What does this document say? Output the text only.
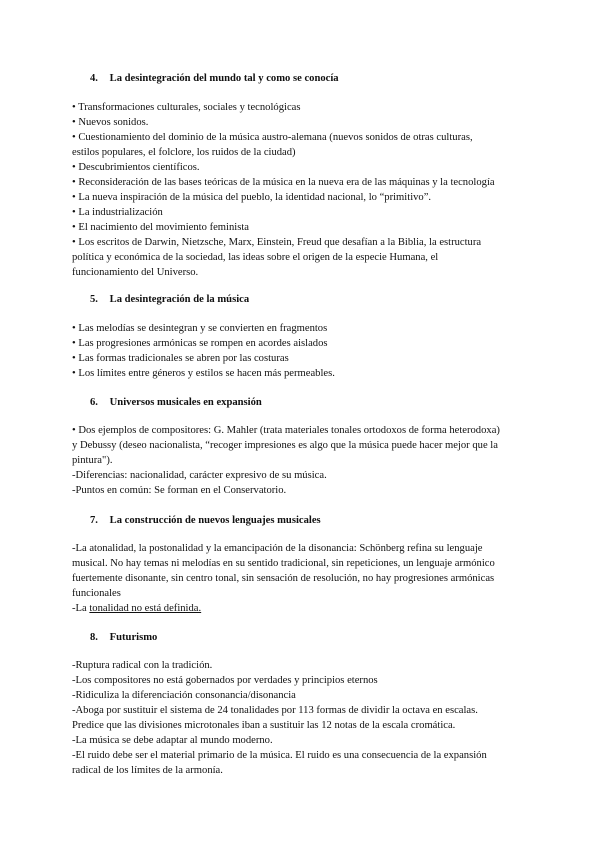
4. La desintegración del mundo tal y como se conocía
• Transformaciones culturales, sociales y tecnológicas
• Nuevos sonidos.
• Cuestionamiento del dominio de la música austro-alemana (nuevos sonidos de otras culturas,
estilos populares, el folclore, los ruidos de la ciudad)
• Descubrimientos científicos.
• Reconsideración de las bases teóricas de la música en la nueva era de las máquinas y la tecnología
• La nueva inspiración de la música del pueblo, la identidad nacional, lo “primitivo”.
• La industrialización
• El nacimiento del movimiento feminista
• Los escritos de Darwin, Nietzsche, Marx, Einstein, Freud que desafían a la Biblia, la estructura
política y económica de la sociedad, las ideas sobre el origen de la especie Humana, el
funcionamiento del Universo.
5. La desintegración de la música
• Las melodías se desintegran y se convierten en fragmentos
• Las progresiones armónicas se rompen en acordes aislados
• Las formas tradicionales se abren por las costuras
• Los límites entre géneros y estilos se hacen más permeables.
6. Universos musicales en expansión
• Dos ejemplos de compositores: G. Mahler (trata materiales tonales ortodoxos de forma heterodoxa)
y Debussy (deseo nacionalista, “recoger impresiones es algo que la música puede hacer mejor que la
pintura").
-Diferencias: nacionalidad, carácter expresivo de su música.
-Puntos en común: Se forman en el Conservatorio.
7. La construcción de nuevos lenguajes musicales
-La atonalidad, la postonalidad y la emancipación de la disonancia: Schönberg refina su lenguaje
musical. No hay temas ni melodías en su sentido tradicional, sin repeticiones, un lenguaje armónico
fuertemente disonante, sin centro tonal, sin sensación de resolución, no hay progresiones armónicas
funcionales
-La tonalidad no está definida.
8. Futurismo
-Ruptura radical con la tradición.
-Los compositores no está gobernados por verdades y principios eternos
-Ridiculiza la diferenciación consonancia/disonancia
-Aboga por sustituir el sistema de 24 tonalidades por 113 formas de dividir la octava en escalas.
Predice que las divisiones microtonales iban a sustituir las 12 notas de la escala cromática.
-La música se debe adaptar al mundo moderno.
-El ruido debe ser el material primario de la música. El ruido es una consecuencia de la expansión
radical de los límites de la armonía.
